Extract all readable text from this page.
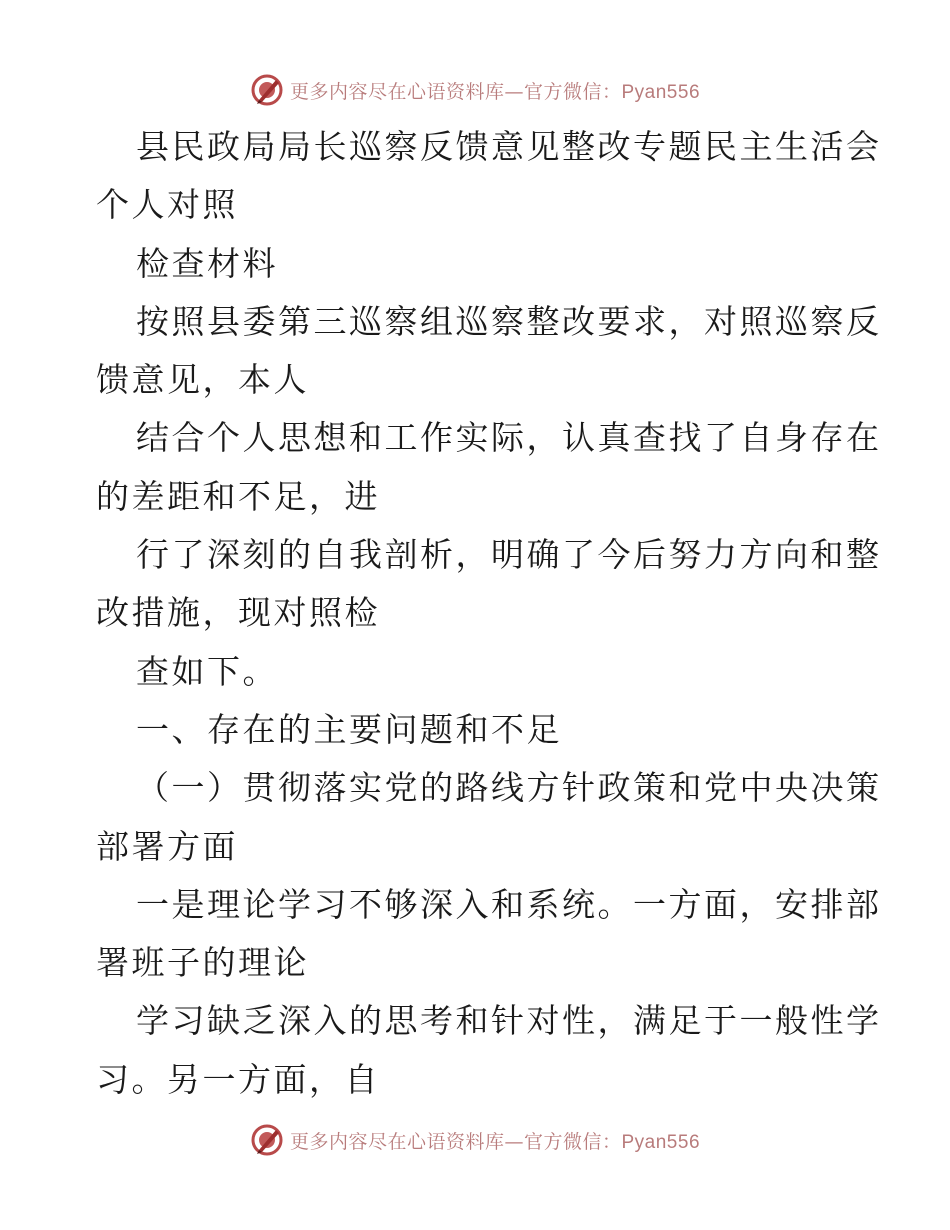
更多内容尽在心语资料库—官方微信：Pyan556
县民政局局长巡察反馈意见整改专题民主生活会
个人对照
检查材料
按照县委第三巡察组巡察整改要求，对照巡察反
馈意见，本人
结合个人思想和工作实际，认真查找了自身存在
的差距和不足，进
行了深刻的自我剖析，明确了今后努力方向和整
改措施，现对照检
查如下。
一、存在的主要问题和不足
（一）贯彻落实党的路线方针政策和党中央决策
部署方面
一是理论学习不够深入和系统。一方面，安排部
署班子的理论
学习缺乏深入的思考和针对性，满足于一般性学
习。另一方面，自
更多内容尽在心语资料库—官方微信：Pyan556
